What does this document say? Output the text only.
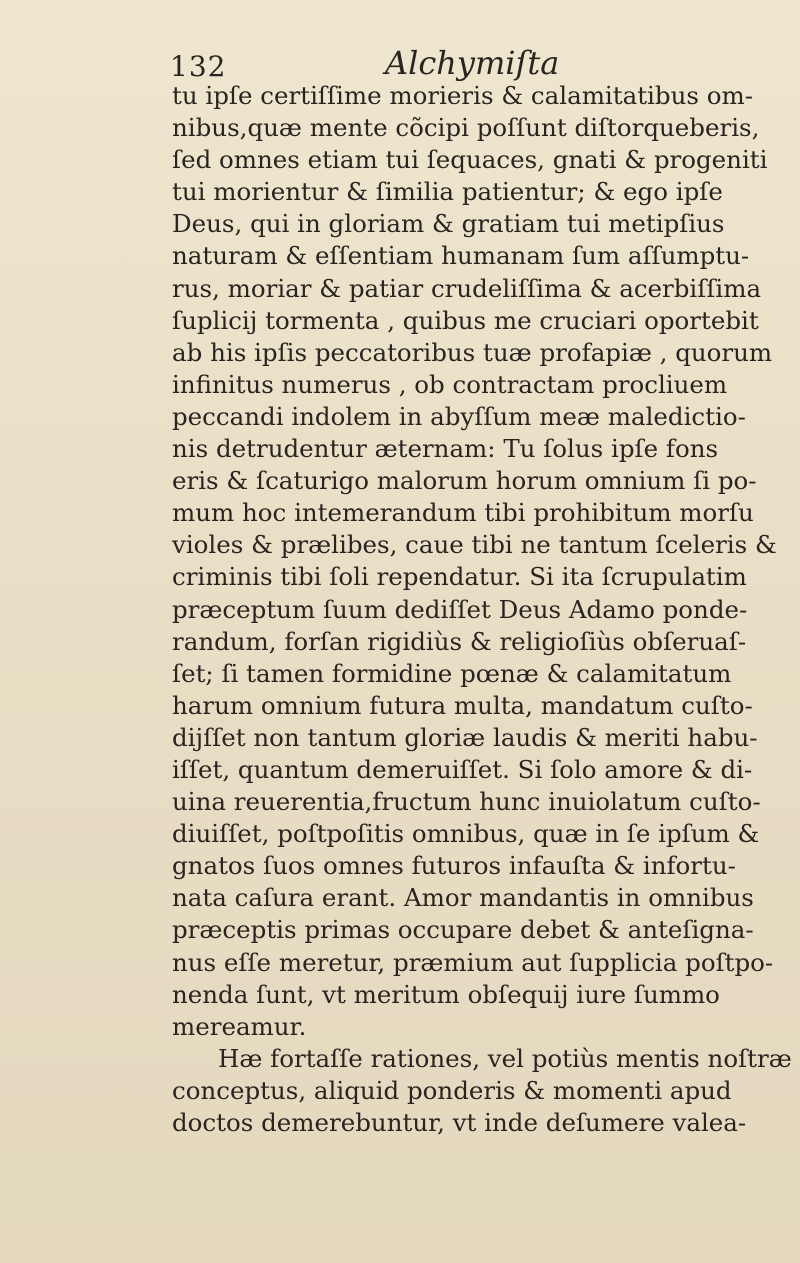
132	Alchymiſta
tu ipſe certiſſime morieris & calamitatibus om-
nibus,quæ mente cõcipi poſſunt diſtorqueberis,
ſed omnes etiam tui ſequaces, gnati & progeniti
tui morientur & ſimilia patientur; & ego ipſe
Deus, qui in gloriam & gratiam tui metipſius
naturam & eſſentiam humanam ſum aſſumptu-
rus, moriar & patiar crudeliſſima & acerbiſſima
ſuplicij tormenta , quibus me cruciari oportebit
ab his ipſis peccatoribus tuæ profapiæ , quorum
infinitus numerus , ob contractam procliuem
peccandi indolem in abyſſum meæ maledictio-
nis detrudentur æternam: Tu ſolus ipſe fons
eris & ſcaturigo malorum horum omnium ſi po-
mum hoc intemerandum tibi prohibitum morſu
violes & prælibes, caue tibi ne tantum ſceleris &
criminis tibi ſoli rependatur. Si ita ſcrupulatim
præceptum ſuum dediſſet Deus Adamo ponde-
randum, forſan rigidiùs & religioſiùs obſeruaſ-
ſet; ſi tamen formidine pœnæ & calamitatum
harum omnium futura multa, mandatum cuſto-
dijſſet non tantum gloriæ laudis & meriti habu-
iſſet, quantum demeruiſſet. Si ſolo amore & di-
uina reuerentia,fructum hunc inuiolatum cuſto-
diuiſſet, poſtpoſitis omnibus, quæ in ſe ipſum &
gnatos ſuos omnes futuros infauſta & infortu-
nata caſura erant. Amor mandantis in omnibus
præceptis primas occupare debet & anteſigna-
nus eſſe meretur, præmium aut ſupplicia poſtpo-
nenda ſunt, vt meritum obſequij iure ſummo
mereamur.
Hæ fortaſſe rationes, vel potiùs mentis noſtræ
conceptus, aliquid ponderis & momenti apud
doctos demerebuntur, vt inde deſumere valea-
